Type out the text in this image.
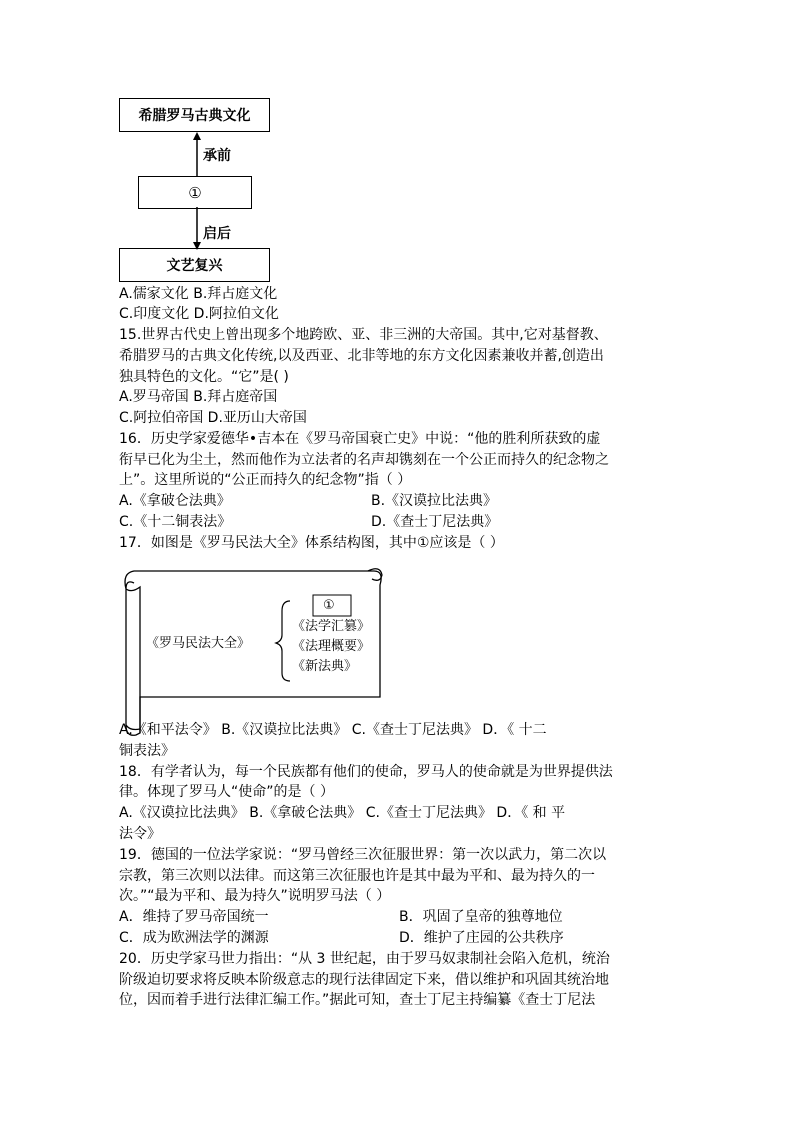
希腊罗马古典文化
承前
①
启后
文艺复兴
A.儒家文化 B.拜占庭文化
C.印度文化 D.阿拉伯文化
15.世界古代史上曾出现多个地跨欧、亚、非三洲的大帝国。其中,它对基督教、
希腊罗马的古典文化传统,以及西亚、北非等地的东方文化因素兼收并蓄,创造出
独具特色的文化。“它”是( )
A.罗马帝国 B.拜占庭帝国
C.阿拉伯帝国 D.亚历山大帝国
16．历史学家爱德华•吉本在《罗马帝国衰亡史》中说：“他的胜利所获致的虚
衔早已化为尘土，然而他作为立法者的名声却镌刻在一个公正而持久的纪念物之
上”。这里所说的“公正而持久的纪念物”指（ ）
A.《拿破仑法典》	B.《汉谟拉比法典》
C.《十二铜表法》	D.《查士丁尼法典》
17．如图是《罗马民法大全》体系结构图，其中①应该是（ ）
《罗马民法大全》
①
《法学汇篡》
《法理概要》
《新法典》
A.《和平法令》 B.《汉谟拉比法典》 C.《查士丁尼法典》 D．《 十二
铜表法》
18．有学者认为，每一个民族都有他们的使命，罗马人的使命就是为世界提供法
律。体现了罗马人“使命”的是（ ）
A.《汉谟拉比法典》 B.《拿破仑法典》 C.《查士丁尼法典》 D．《 和 平
法令》
19．德国的一位法学家说：“罗马曾经三次征服世界：第一次以武力，第二次以
宗教，第三次则以法律。而这第三次征服也许是其中最为平和、最为持久的一
次。”“最为平和、最为持久”说明罗马法（ ）
A．维持了罗马帝国统一	B．巩固了皇帝的独尊地位
C．成为欧洲法学的渊源	D．维护了庄园的公共秩序
20．历史学家马世力指出：“从 3 世纪起，由于罗马奴隶制社会陷入危机，统治
阶级迫切要求将反映本阶级意志的现行法律固定下来，借以维护和巩固其统治地
位，因而着手进行法律汇编工作。”据此可知，查士丁尼主持编纂《查士丁尼法
